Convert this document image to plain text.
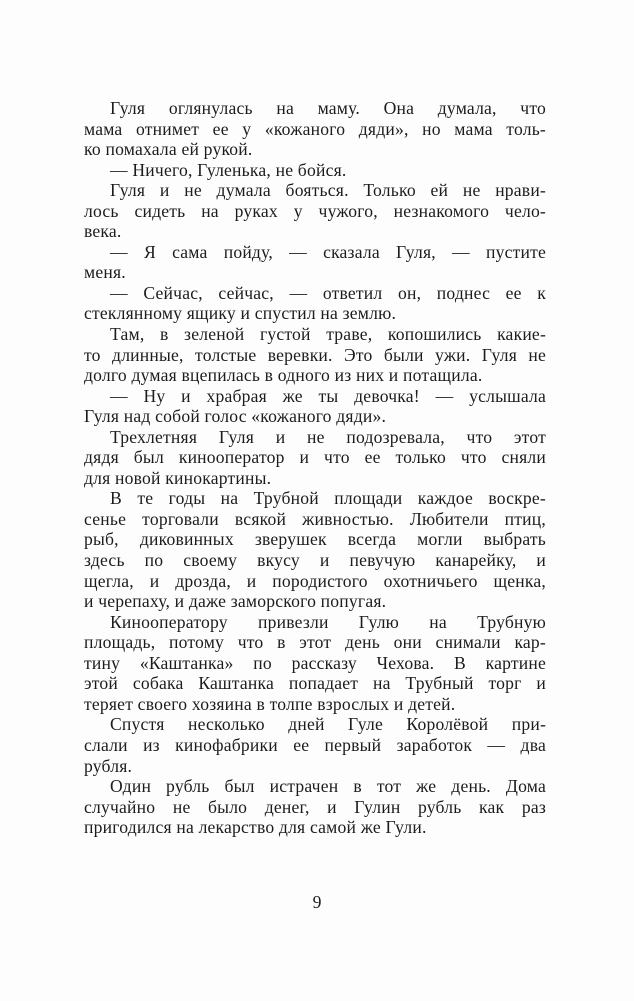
Гуля оглянулась на маму. Она думала, что
мама отнимет ее у «кожаного дяди», но мама толь-
ко помахала ей рукой.
— Ничего, Гуленька, не бойся.
Гуля и не думала бояться. Только ей не нрави-
лось сидеть на руках у чужого, незнакомого чело-
века.
— Я сама пойду, — сказала Гуля, — пустите
меня.
— Сейчас, сейчас, — ответил он, поднес ее к
стеклянному ящику и спустил на землю.
Там, в зеленой густой траве, копошились какие-
то длинные, толстые веревки. Это были ужи. Гуля не
долго думая вцепилась в одного из них и потащила.
— Ну и храбрая же ты девочка! — услышала
Гуля над собой голос «кожаного дяди».
Трехлетняя Гуля и не подозревала, что этот
дядя был кинооператор и что ее только что сняли
для новой кинокартины.
В те годы на Трубной площади каждое воскре-
сенье торговали всякой живностью. Любители птиц,
рыб, диковинных зверушек всегда могли выбрать
здесь по своему вкусу и певучую канарейку, и
щегла, и дрозда, и породистого охотничьего щенка,
и черепаху, и даже заморского попугая.
Кинооператору привезли Гулю на Трубную
площадь, потому что в этот день они снимали кар-
тину «Каштанка» по рассказу Чехова. В картине
этой собака Каштанка попадает на Трубный торг и
теряет своего хозяина в толпе взрослых и детей.
Спустя несколько дней Гуле Королёвой при-
слали из кинофабрики ее первый заработок — два
рубля.
Один рубль был истрачен в тот же день. Дома
случайно не было денег, и Гулин рубль как раз
пригодился на лекарство для самой же Гули.
9
